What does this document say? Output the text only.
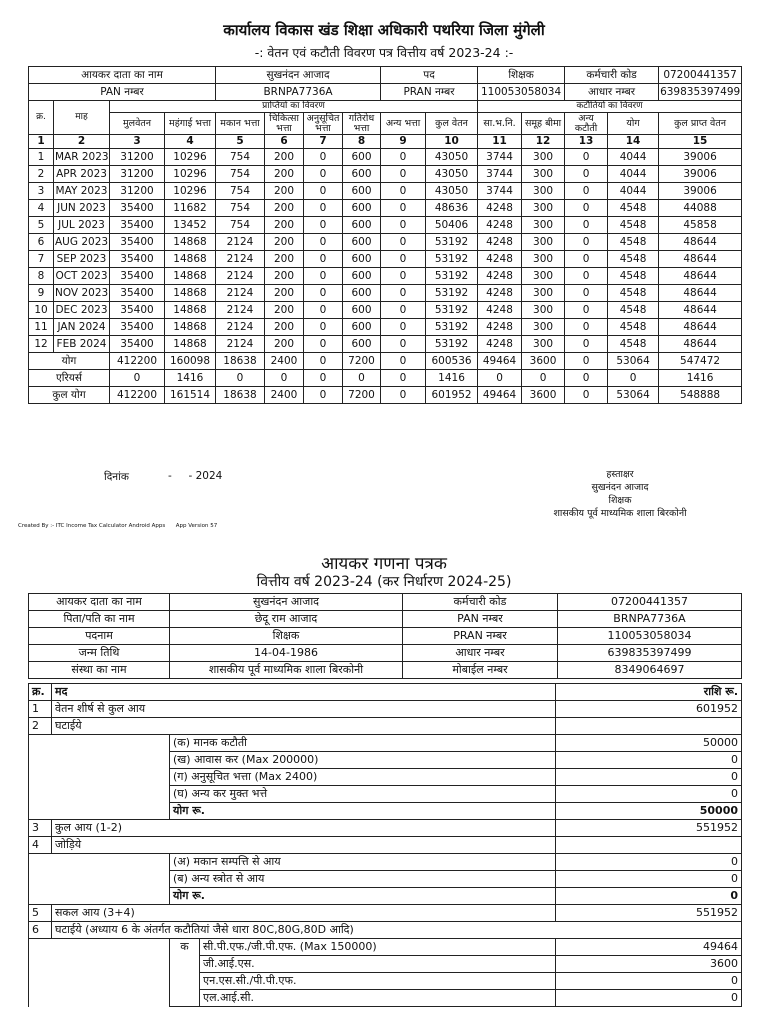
कार्यालय विकास खंड शिक्षा अधिकारी पथरिया जिला मुंगेली
-: वेतन एवं कटौती विवरण पत्र वित्तीय वर्ष 2023-24 :-
आयकर दाता का नाम				सुखनंदन आजाद				पद		शिक्षक		कर्मचारी कोड		07200441357
PAN नम्बर				BRNPA7736A				PRAN नम्बर		110053058034		आधार नम्बर		639835397499
क्र.	माह	प्राप्तियों का विवरण								कटौतियों का विवरण				
		मुलवेतन	महंगाई भत्ता	मकान भत्ता	चिकित्सा भत्ता	अनुसूचित भत्ता	गतिरोध भत्ता	अन्य भत्ता	कुल वेतन	सा.भ.नि.	समूह बीमा	अन्य कटौती	योग	कुल प्राप्त वेतन
1	2	3	4	5	6	7	8	9	10	11	12	13	14	15
1	MAR 2023	31200	10296	754	200	0	600	0	43050	3744	300	0	4044	39006
2	APR 2023	31200	10296	754	200	0	600	0	43050	3744	300	0	4044	39006
3	MAY 2023	31200	10296	754	200	0	600	0	43050	3744	300	0	4044	39006
4	JUN 2023	35400	11682	754	200	0	600	0	48636	4248	300	0	4548	44088
5	JUL 2023	35400	13452	754	200	0	600	0	50406	4248	300	0	4548	45858
6	AUG 2023	35400	14868	2124	200	0	600	0	53192	4248	300	0	4548	48644
7	SEP 2023	35400	14868	2124	200	0	600	0	53192	4248	300	0	4548	48644
8	OCT 2023	35400	14868	2124	200	0	600	0	53192	4248	300	0	4548	48644
9	NOV 2023	35400	14868	2124	200	0	600	0	53192	4248	300	0	4548	48644
10	DEC 2023	35400	14868	2124	200	0	600	0	53192	4248	300	0	4548	48644
11	JAN 2024	35400	14868	2124	200	0	600	0	53192	4248	300	0	4548	48644
12	FEB 2024	35400	14868	2124	200	0	600	0	53192	4248	300	0	4548	48644
योग		412200	160098	18638	2400	0	7200	0	600536	49464	3600	0	53064	547472
एरियर्स		0	1416	0	0	0	0	0	1416	0	0	0	0	1416
कुल योग		412200	161514	18638	2400	0	7200	0	601952	49464	3600	0	53064	548888
दिनांक	-     - 2024	हस्ताक्षर
सुखनंदन आजाद
शिक्षक
शासकीय पूर्व माध्यमिक शाला बिरकोनी
Created By :- ITC Income Tax Calculator Android Apps      App Version 57
आयकर गणना पत्रक
वित्तीय वर्ष 2023-24 (कर निर्धारण 2024-25)
आयकर दाता का नाम	सुखनंदन आजाद	कर्मचारी कोड	07200441357
पिता/पति का नाम	छेदू राम आजाद	PAN नम्बर	BRNPA7736A
पदनाम	शिक्षक	PRAN नम्बर	110053058034
जन्म तिथि	14-04-1986	आधार नम्बर	639835397499
संस्था का नाम	शासकीय पूर्व माध्यमिक शाला बिरकोनी	मोबाईल नम्बर	8349064697
क्र.	मद			राशि रू.
1	वेतन शीर्ष से कुल आय			601952
2	घटाईये			
		(क) मानक कटौती		50000
		(ख) आवास कर (Max 200000)		0
		(ग) अनुसूचित भत्ता (Max 2400)		0
		(घ) अन्य कर मुक्त भत्ते		0
		योग रू.		50000
3	कुल आय (1-2)			551952
4	जोड़िये			
		(अ) मकान सम्पत्ति से आय		0
		(ब) अन्य स्त्रोत से आय		0
		योग रू.		0
5	सकल आय (3+4)			551952
6	घटाईये (अध्याय 6 के अंतर्गत कटौतियां जैसे धारा 80C,80G,80D आदि)			
		क	सी.पी.एफ./जी.पी.एफ. (Max 150000)	49464
			जी.आई.एस.	3600
			एन.एस.सी./पी.पी.एफ.	0
			एल.आई.सी.	0
